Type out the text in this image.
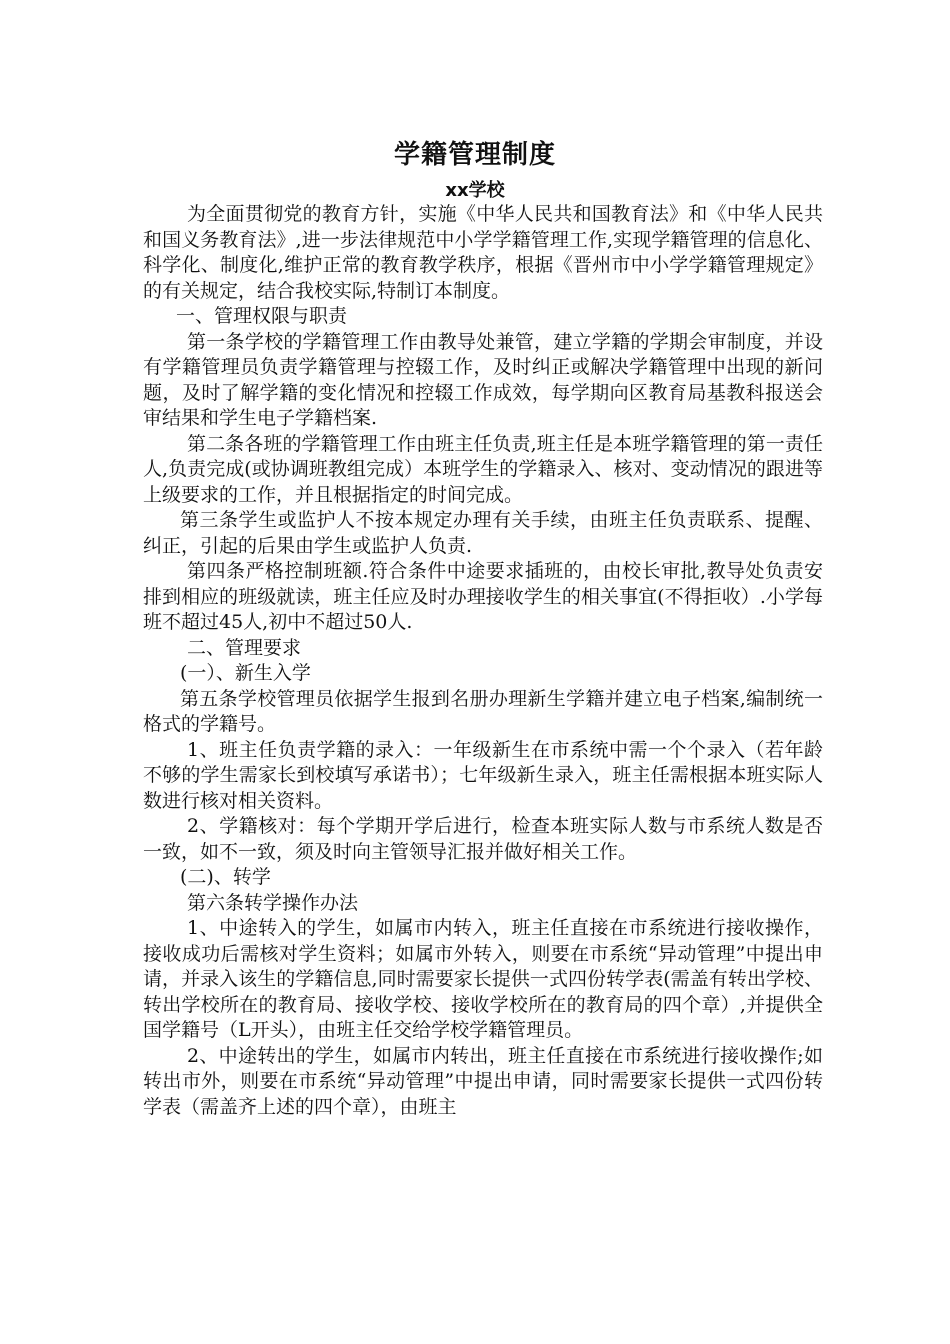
学籍管理制度
xx学校

为全面贯彻党的教育方针，实施《中华人民共和国教育法》和《中华人民共和国义务教育法》,进一步法律规范中小学学籍管理工作,实现学籍管理的信息化、科学化、制度化,维护正常的教育教学秩序，根据《晋州市中小学学籍管理规定》的有关规定，结合我校实际,特制订本制度。

一、管理权限与职责

第一条学校的学籍管理工作由教导处兼管，建立学籍的学期会审制度，并设有学籍管理员负责学籍管理与控辍工作，及时纠正或解决学籍管理中出现的新问题，及时了解学籍的变化情况和控辍工作成效，每学期向区教育局基教科报送会审结果和学生电子学籍档案.

第二条各班的学籍管理工作由班主任负责,班主任是本班学籍管理的第一责任人,负责完成(或协调班教组完成）本班学生的学籍录入、核对、变动情况的跟进等上级要求的工作，并且根据指定的时间完成。

第三条学生或监护人不按本规定办理有关手续，由班主任负责联系、提醒、纠正，引起的后果由学生或监护人负责.

第四条严格控制班额.符合条件中途要求插班的，由校长审批,教导处负责安排到相应的班级就读，班主任应及时办理接收学生的相关事宜(不得拒收）.小学每班不超过45人,初中不超过50人.

二、管理要求

(一）、新生入学

第五条学校管理员依据学生报到名册办理新生学籍并建立电子档案,编制统一格式的学籍号。

1、班主任负责学籍的录入：一年级新生在市系统中需一个个录入（若年龄不够的学生需家长到校填写承诺书）；七年级新生录入，班主任需根据本班实际人数进行核对相关资料。

2、学籍核对：每个学期开学后进行，检查本班实际人数与市系统人数是否一致，如不一致，须及时向主管领导汇报并做好相关工作。

(二)、转学

第六条转学操作办法

1、中途转入的学生，如属市内转入，班主任直接在市系统进行接收操作，接收成功后需核对学生资料；如属市外转入，则要在市系统“异动管理”中提出申请，并录入该生的学籍信息,同时需要家长提供一式四份转学表(需盖有转出学校、转出学校所在的教育局、接收学校、接收学校所在的教育局的四个章）,并提供全国学籍号（L开头），由班主任交给学校学籍管理员。

2、中途转出的学生，如属市内转出，班主任直接在市系统进行接收操作;如转出市外，则要在市系统“异动管理”中提出申请，同时需要家长提供一式四份转学表（需盖齐上述的四个章），由班主
